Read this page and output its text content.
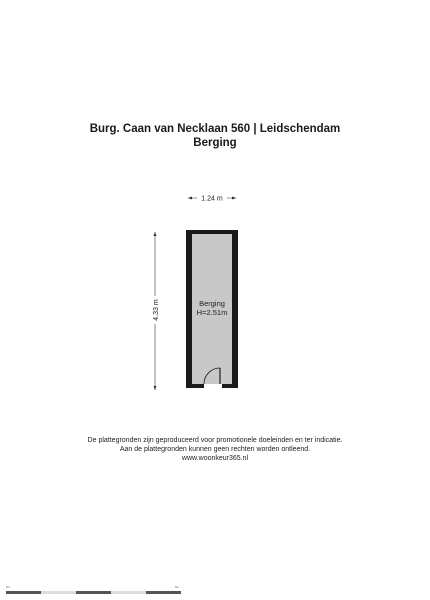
Burg. Caan van Necklaan 560 | Leidschendam
Berging
1.24 m
4.33 m	Berging
H=2.51m
De plattegronden zijn geproduceerd voor promotionele doeleinden en ter indicatie.
Aan de plattegronden kunnen geen rechten worden ontleend.
www.woonkeur365.nl
0m	5m
